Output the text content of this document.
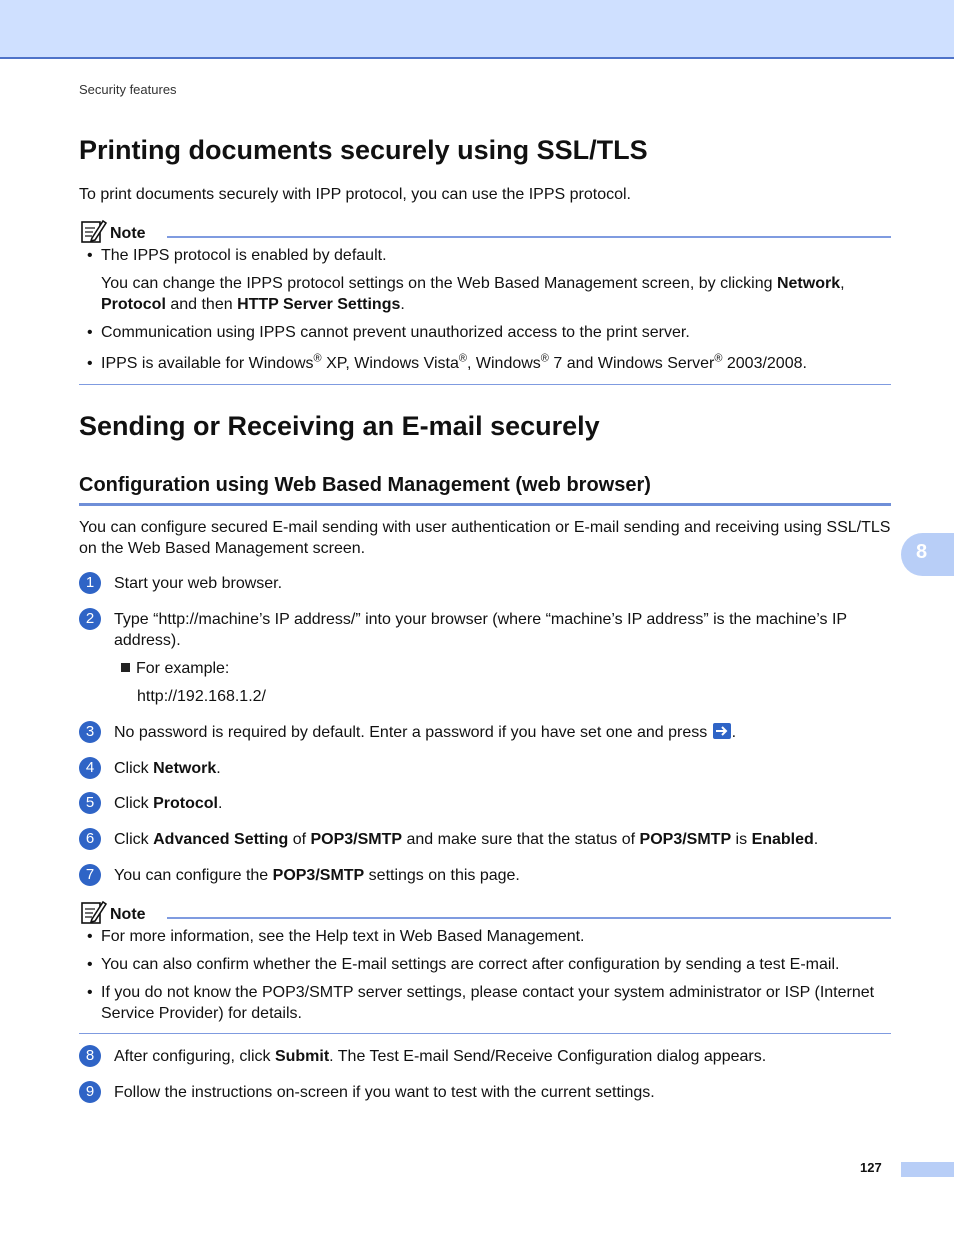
Security features
Printing documents securely using SSL/TLS
To print documents securely with IPP protocol, you can use the IPPS protocol.
Note
• The IPPS protocol is enabled by default.
You can change the IPPS protocol settings on the Web Based Management screen, by clicking Network,
Protocol and then HTTP Server Settings.
• Communication using IPPS cannot prevent unauthorized access to the print server.
• IPPS is available for Windows® XP, Windows Vista®, Windows® 7 and Windows Server® 2003/2008.
Sending or Receiving an E-mail securely
Configuration using Web Based Management (web browser)
You can configure secured E-mail sending with user authentication or E-mail sending and receiving using SSL/TLS on the Web Based Management screen.
1	Start your web browser.
2	Type “http://machine’s IP address/” into your browser (where “machine’s IP address” is the machine’s IP address).
For example:
http://192.168.1.2/
3	No password is required by default. Enter a password if you have set one and press
.
4	Click Network.
5	Click Protocol.
6	Click Advanced Setting of POP3/SMTP and make sure that the status of POP3/SMTP is Enabled.
7	You can configure the POP3/SMTP settings on this page.
Note
• For more information, see the Help text in Web Based Management.
• You can also confirm whether the E-mail settings are correct after configuration by sending a test E-mail.
• If you do not know the POP3/SMTP server settings, please contact your system administrator or ISP (Internet Service Provider) for details.
8	After configuring, click Submit. The Test E-mail Send/Receive Configuration dialog appears.
9	Follow the instructions on-screen if you want to test with the current settings.
8
127
